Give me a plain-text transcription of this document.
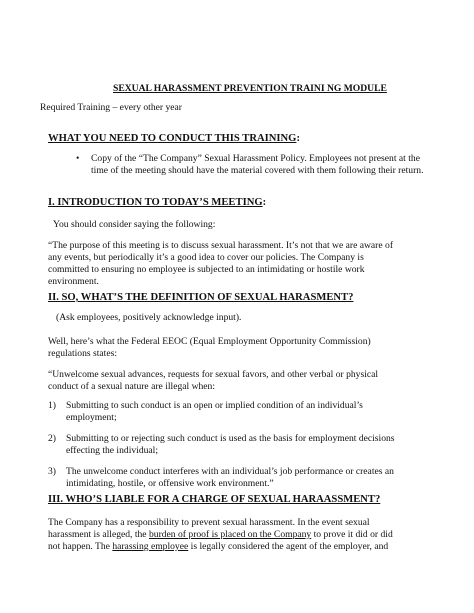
SEXUAL HARASSMENT PREVENTION TRAINI NG MODULE
Required Training – every other year
WHAT YOU NEED TO CONDUCT THIS TRAINING:
• Copy of the “The Company” Sexual Harassment Policy. Employees not present at the
time of the meeting should have the material covered with them following their return.
I. INTRODUCTION TO TODAY’S MEETING:
You should consider saying the following:
“The purpose of this meeting is to discuss sexual harassment. It’s not that we are aware of
any events, but periodically it’s a good idea to cover our policies. The Company is
committed to ensuring no employee is subjected to an intimidating or hostile work
environment.
II. SO, WHAT’S THE DEFINITION OF SEXUAL HARASMENT?
(Ask employees, positively acknowledge input).
Well, here’s what the Federal EEOC (Equal Employment Opportunity Commission)
regulations states:
“Unwelcome sexual advances, requests for sexual favors, and other verbal or physical
conduct of a sexual nature are illegal when:
1) Submitting to such conduct is an open or implied condition of an individual’s
employment;
2) Submitting to or rejecting such conduct is used as the basis for employment decisions
effecting the individual;
3) The unwelcome conduct interferes with an individual’s job performance or creates an
intimidating, hostile, or offensive work environment.”
III. WHO’S LIABLE FOR A CHARGE OF SEXUAL HARAASSMENT?
The Company has a responsibility to prevent sexual harassment. In the event sexual
harassment is alleged, the burden of proof is placed on the Company to prove it did or did
not happen. The harassing employee is legally considered the agent of the employer, and
